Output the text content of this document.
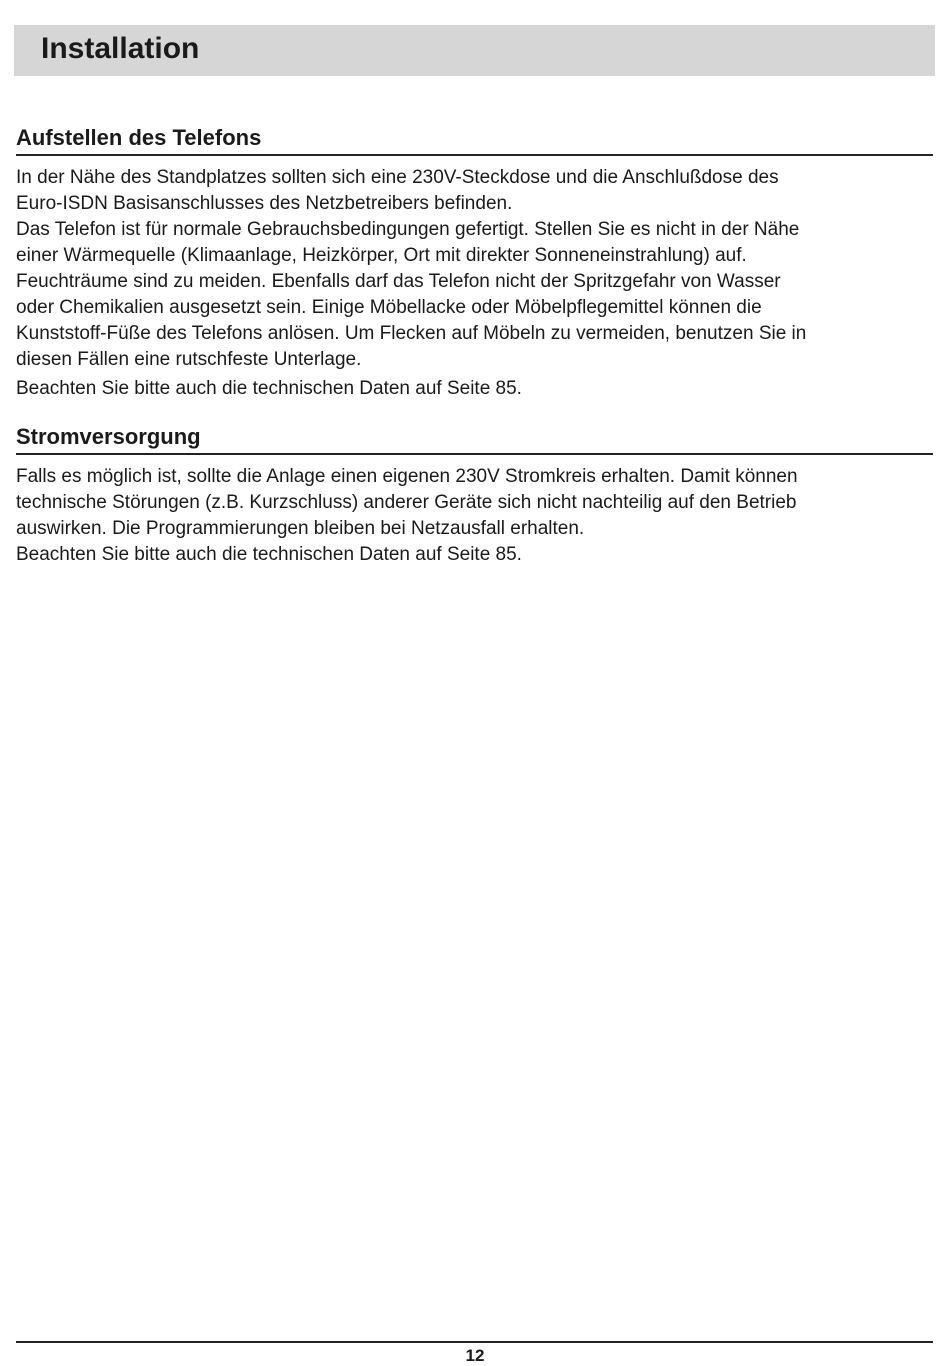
Installation
Aufstellen des Telefons

In der Nähe des Standplatzes sollten sich eine 230V-Steckdose und die Anschlußdose des

Euro-ISDN Basisanschlusses des Netzbetreibers befinden.

Das Telefon ist für normale Gebrauchsbedingungen gefertigt. Stellen Sie es nicht in der Nähe

einer Wärmequelle (Klimaanlage, Heizkörper, Ort mit direkter Sonneneinstrahlung) auf.

Feuchträume sind zu meiden. Ebenfalls darf das Telefon nicht der Spritzgefahr von Wasser

oder Chemikalien ausgesetzt sein. Einige Möbellacke oder Möbelpflegemittel können die

Kunststoff-Füße des Telefons anlösen. Um Flecken auf Möbeln zu vermeiden, benutzen Sie in

diesen Fällen eine rutschfeste Unterlage.

Beachten Sie bitte auch die technischen Daten auf Seite 85.

Stromversorgung

Falls es möglich ist, sollte die Anlage einen eigenen 230V Stromkreis erhalten. Damit können

technische Störungen (z.B. Kurzschluss) anderer Geräte sich nicht nachteilig auf den Betrieb

auswirken. Die Programmierungen bleiben bei Netzausfall erhalten.

Beachten Sie bitte auch die technischen Daten auf Seite 85.

12
